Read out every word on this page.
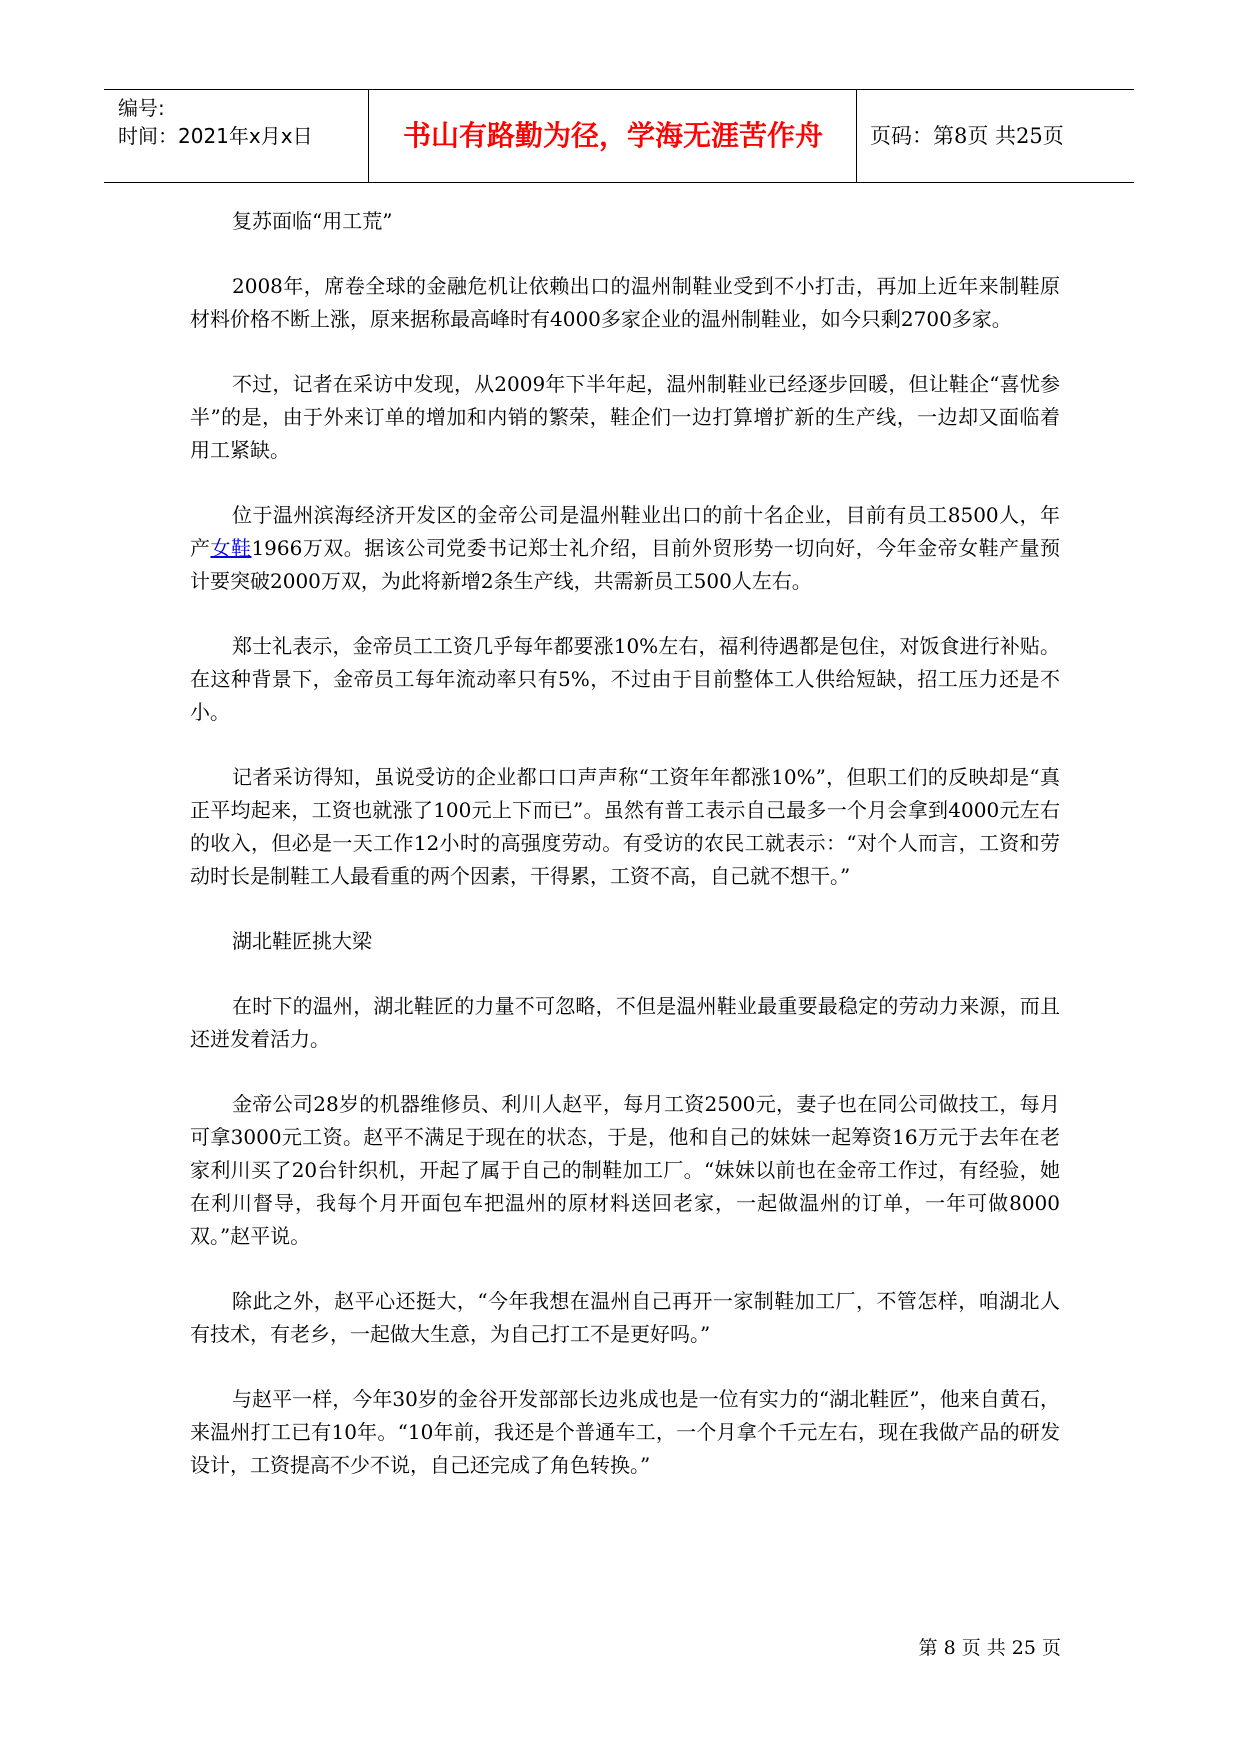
编号:
时间：2021年x月x日	书山有路勤为径，学海无涯苦作舟	页码：第8页 共25页

复苏面临“用工荒”

2008年，席卷全球的金融危机让依赖出口的温州制鞋业受到不小打击，再加上近年来制鞋原材料价格不断上涨，原来据称最高峰时有4000多家企业的温州制鞋业，如今只剩2700多家。

不过，记者在采访中发现，从2009年下半年起，温州制鞋业已经逐步回暖，但让鞋企“喜忧参半”的是，由于外来订单的增加和内销的繁荣，鞋企们一边打算增扩新的生产线，一边却又面临着用工紧缺。

位于温州滨海经济开发区的金帝公司是温州鞋业出口的前十名企业，目前有员工8500人，年产女鞋1966万双。据该公司党委书记郑士礼介绍，目前外贸形势一切向好，今年金帝女鞋产量预计要突破2000万双，为此将新增2条生产线，共需新员工500人左右。

郑士礼表示，金帝员工工资几乎每年都要涨10%左右，福利待遇都是包住，对饭食进行补贴。在这种背景下，金帝员工每年流动率只有5%，不过由于目前整体工人供给短缺，招工压力还是不小。

记者采访得知，虽说受访的企业都口口声声称“工资年年都涨10%”，但职工们的反映却是“真正平均起来，工资也就涨了100元上下而已”。虽然有普工表示自己最多一个月会拿到4000元左右的收入，但必是一天工作12小时的高强度劳动。有受访的农民工就表示：“对个人而言，工资和劳动时长是制鞋工人最看重的两个因素，干得累，工资不高，自己就不想干。”

湖北鞋匠挑大梁

在时下的温州，湖北鞋匠的力量不可忽略，不但是温州鞋业最重要最稳定的劳动力来源，而且还迸发着活力。

金帝公司28岁的机器维修员、利川人赵平，每月工资2500元，妻子也在同公司做技工，每月可拿3000元工资。赵平不满足于现在的状态，于是，他和自己的妹妹一起筹资16万元于去年在老家利川买了20台针织机，开起了属于自己的制鞋加工厂。“妹妹以前也在金帝工作过，有经验，她在利川督导，我每个月开面包车把温州的原材料送回老家，一起做温州的订单，一年可做8000双。”赵平说。

除此之外，赵平心还挺大，“今年我想在温州自己再开一家制鞋加工厂，不管怎样，咱湖北人有技术，有老乡，一起做大生意，为自己打工不是更好吗。”

与赵平一样，今年30岁的金谷开发部部长边兆成也是一位有实力的“湖北鞋匠”，他来自黄石，来温州打工已有10年。“10年前，我还是个普通车工，一个月拿个千元左右，现在我做产品的研发设计，工资提高不少不说，自己还完成了角色转换。”

第 8 页 共 25 页
